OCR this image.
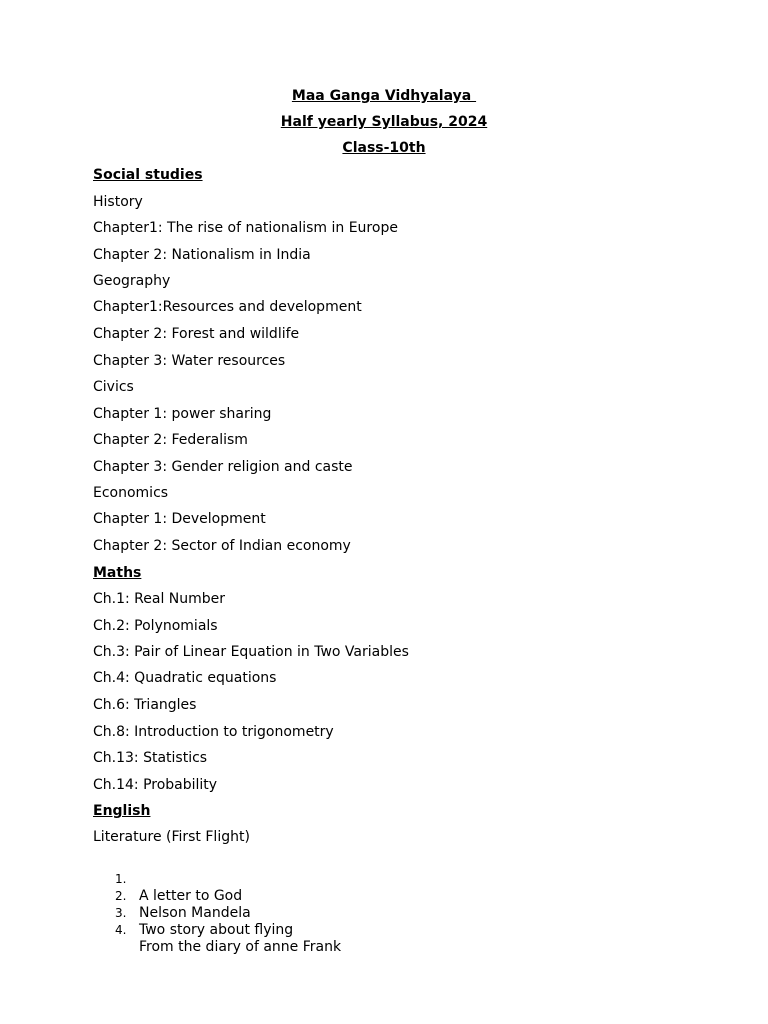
Maa Ganga Vidhyalaya
Half yearly Syllabus, 2024
Class-10th
Social studies
History
Chapter1: The rise of nationalism in Europe
Chapter 2: Nationalism in India
Geography
Chapter1:Resources and development
Chapter 2: Forest and wildlife
Chapter 3: Water resources
Civics
Chapter 1: power sharing
Chapter 2: Federalism
Chapter 3: Gender religion and caste
Economics
Chapter 1: Development
Chapter 2: Sector of Indian economy
Maths
Ch.1: Real Number
Ch.2: Polynomials
Ch.3: Pair of Linear Equation in Two Variables
Ch.4: Quadratic equations
Ch.6: Triangles
Ch.8: Introduction to trigonometry
Ch.13: Statistics
Ch.14: Probability
English
Literature (First Flight)

1.

A letter to God

2.

Nelson Mandela

3.

Two story about flying

4.

From the diary of anne Frank
